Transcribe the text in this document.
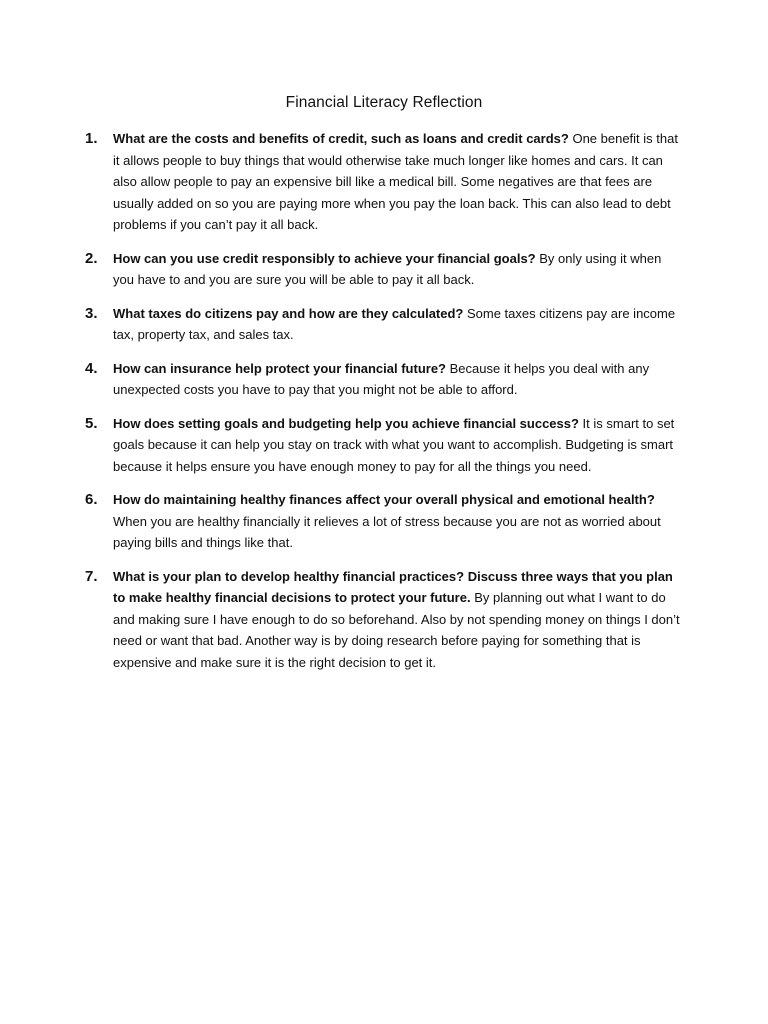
Financial Literacy Reflection
1.	What are the costs and benefits of credit, such as loans and credit cards? One benefit is that it allows people to buy things that would otherwise take much longer like homes and cars. It can also allow people to pay an expensive bill like a medical bill. Some negatives are that fees are usually added on so you are paying more when you pay the loan back. This can also lead to debt problems if you can’t pay it all back.
2.	How can you use credit responsibly to achieve your financial goals? By only using it when you have to and you are sure you will be able to pay it all back.
3.	What taxes do citizens pay and how are they calculated? Some taxes citizens pay are income tax, property tax, and sales tax.
4.	How can insurance help protect your financial future? Because it helps you deal with any unexpected costs you have to pay that you might not be able to afford.
5.	How does setting goals and budgeting help you achieve financial success? It is smart to set goals because it can help you stay on track with what you want to accomplish. Budgeting is smart because it helps ensure you have enough money to pay for all the things you need.
6.	How do maintaining healthy finances affect your overall physical and emotional health? When you are healthy financially it relieves a lot of stress because you are not as worried about paying bills and things like that.
7.	What is your plan to develop healthy financial practices? Discuss three ways that you plan to make healthy financial decisions to protect your future. By planning out what I want to do and making sure I have enough to do so beforehand. Also by not spending money on things I don’t need or want that bad. Another way is by doing research before paying for something that is expensive and make sure it is the right decision to get it.
